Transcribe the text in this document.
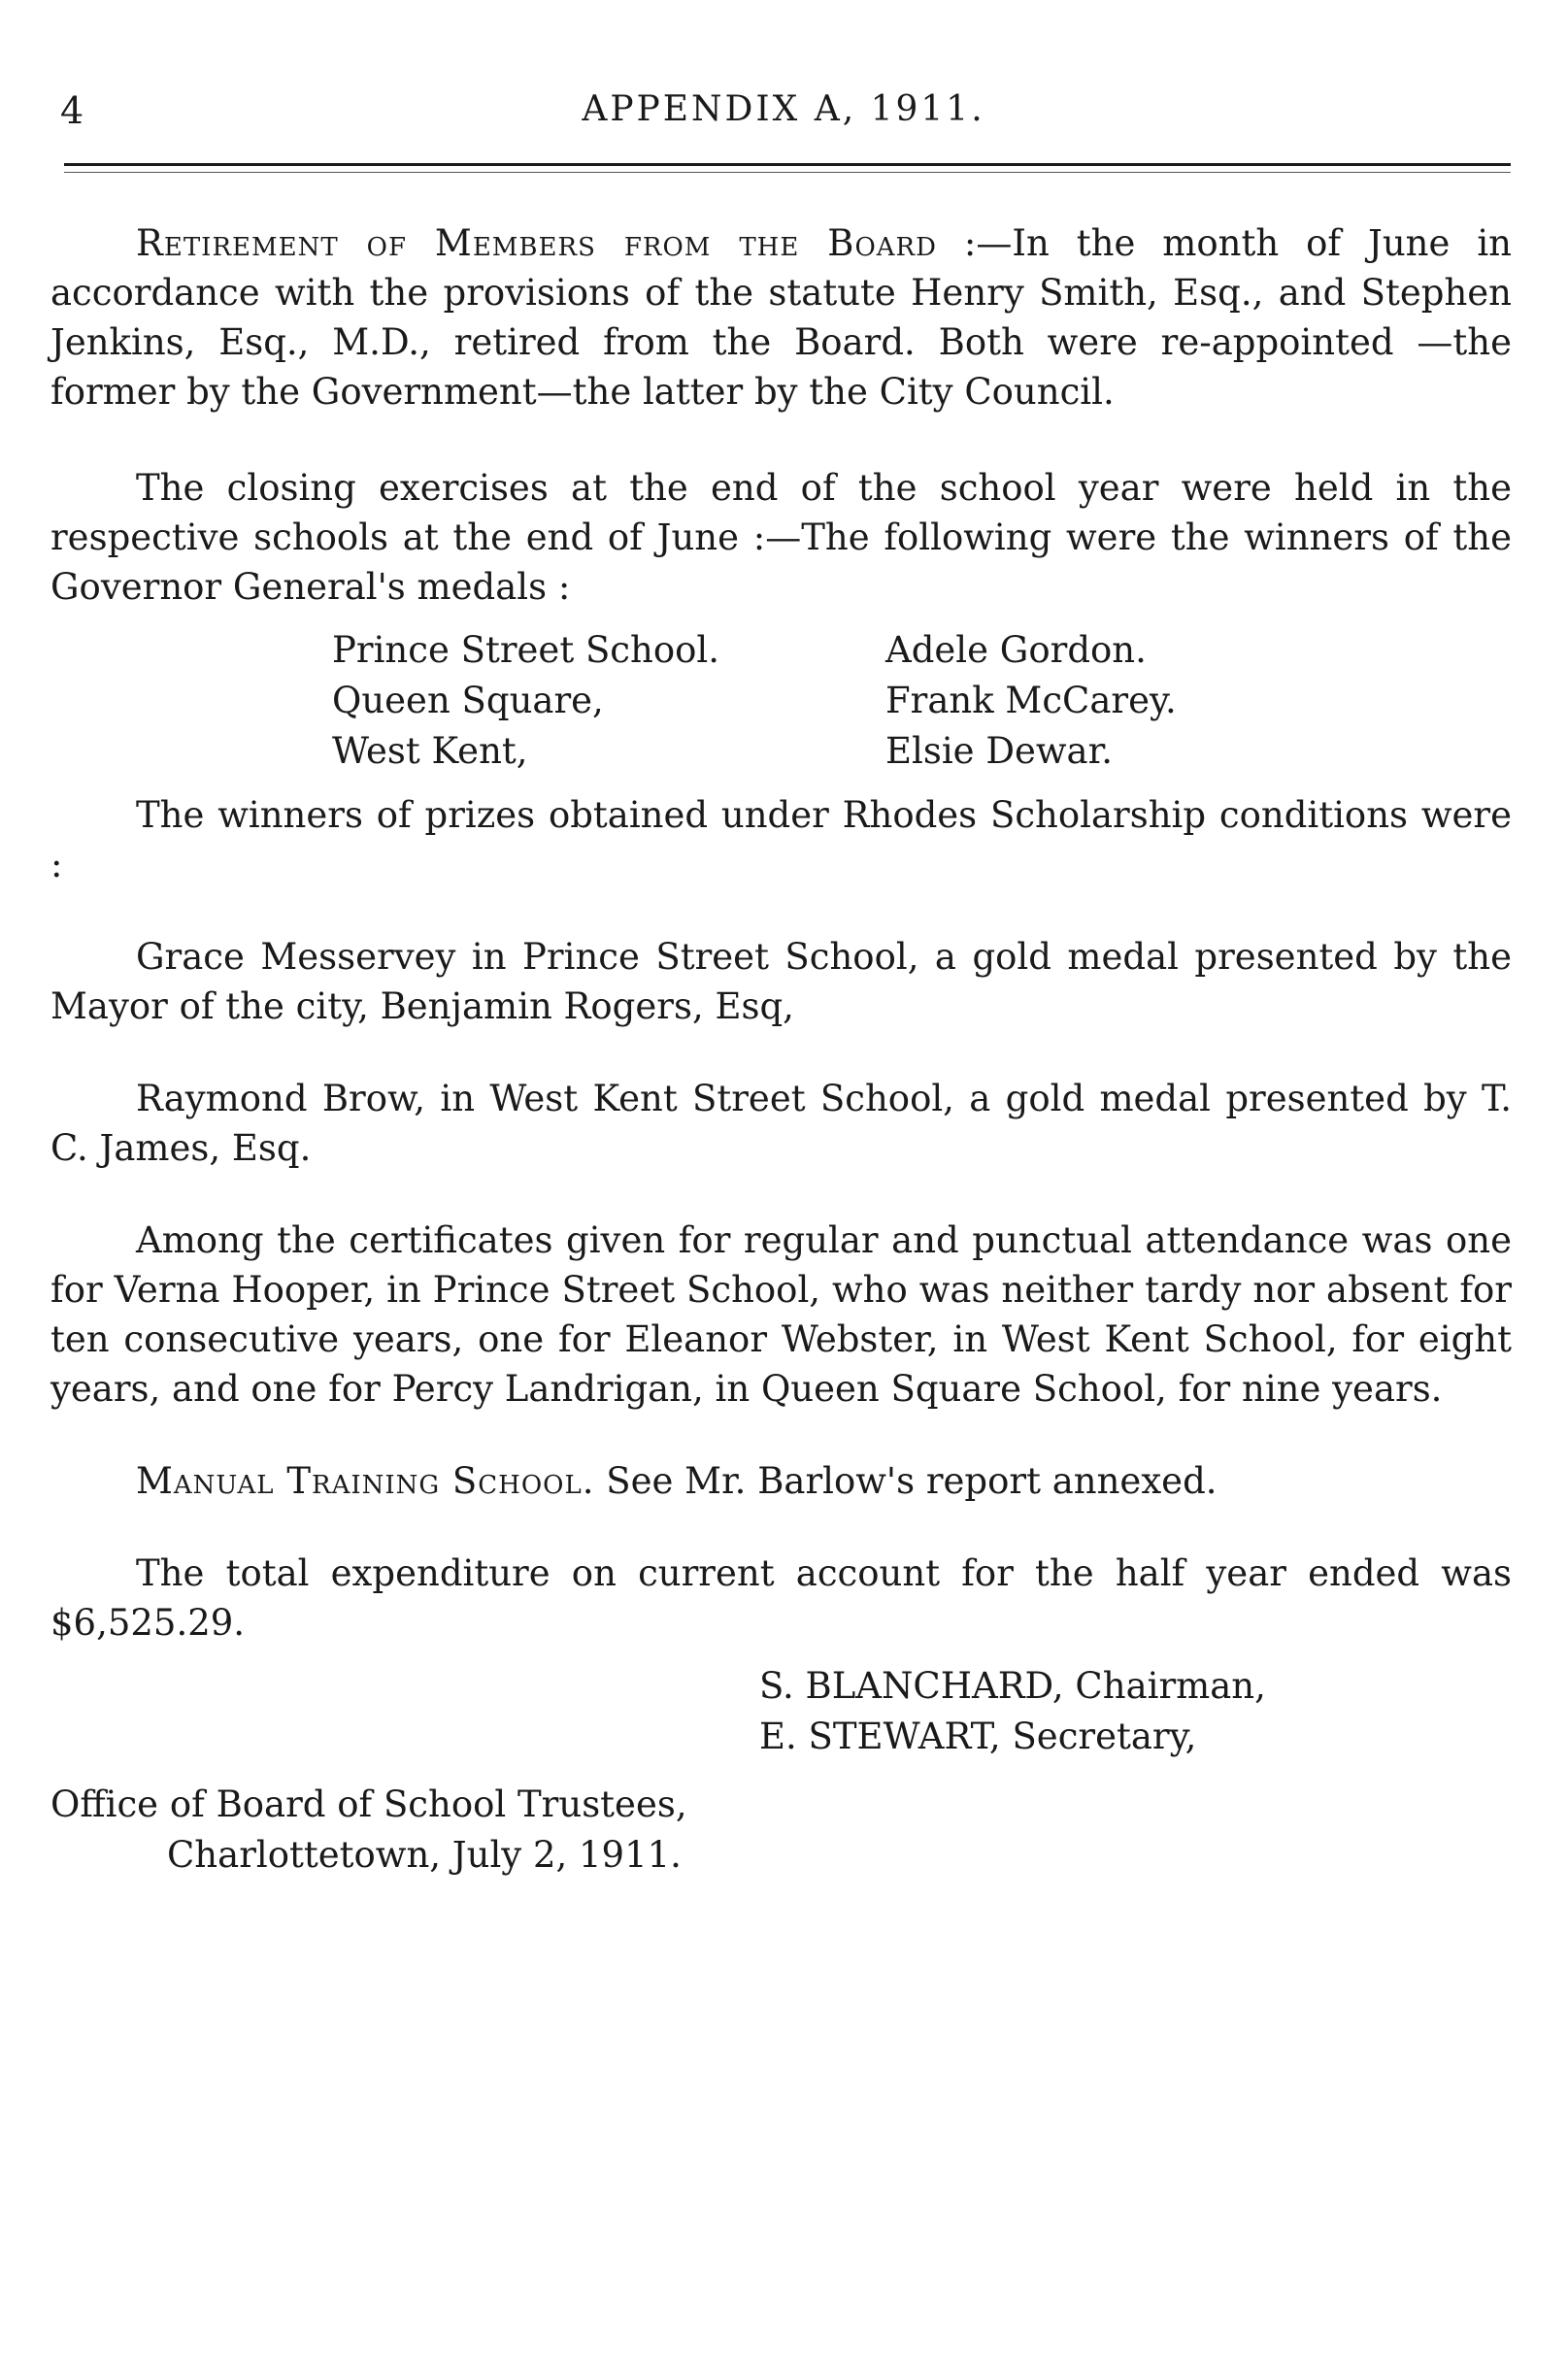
4	APPENDIX A, 1911.

Retirement of Members from the Board :—In the month of June in accordance with the provisions of the statute Henry Smith, Esq., and Stephen Jenkins, Esq., M.D., retired from the Board. Both were re-appointed —the former by the Government—the latter by the City Council.

The closing exercises at the end of the school year were held in the respective schools at the end of June :—The following were the winners of the Governor General's medals :

Prince Street School.	Adele Gordon.
Queen Square,	Frank McCarey.
West Kent,	Elsie Dewar.

The winners of prizes obtained under Rhodes Scholarship conditions were :

Grace Messervey in Prince Street School, a gold medal presented by the Mayor of the city, Benjamin Rogers, Esq,

Raymond Brow, in West Kent Street School, a gold medal presented by T. C. James, Esq.

Among the certificates given for regular and punctual attendance was one for Verna Hooper, in Prince Street School, who was neither tardy nor absent for ten consecutive years, one for Eleanor Webster, in West Kent School, for eight years, and one for Percy Landrigan, in Queen Square School, for nine years.

Manual Training School. See Mr. Barlow's report annexed.

The total expenditure on current account for the half year ended was $6,525.29.

S. BLANCHARD, Chairman,
E. STEWART, Secretary,
Office of Board of School Trustees,
Charlottetown, July 2, 1911.
